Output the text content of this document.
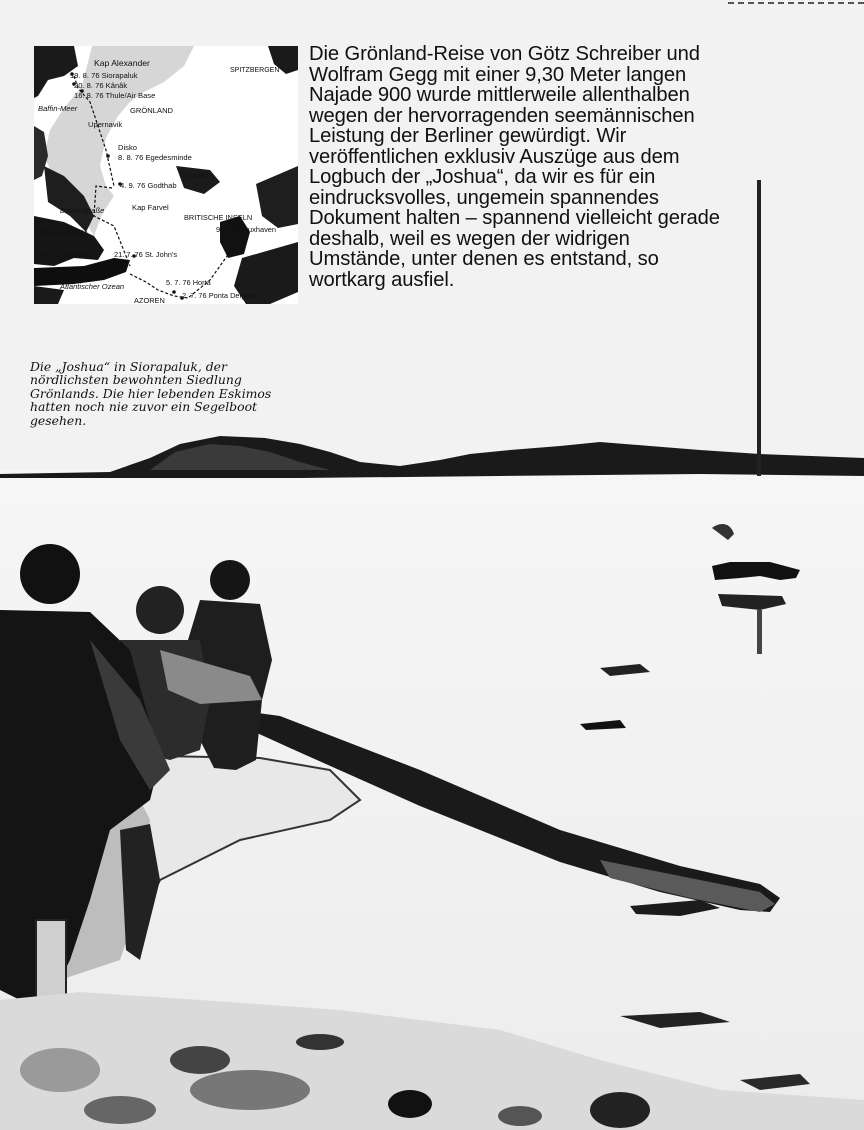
Kap Alexander
SPITZBERGEN
19. 8. 76 Siorapaluk
20. 8. 76 Kânâk
16. 8. 76 Thule/Air Base
Baffin-Meer	GRÖNLAND
Upernavik
Disko
8. 8. 76 Egedesminde
ISLAND
4. 9. 76 Godthab
Davis-Straße	Kap Farvel
BRITISCHE INSELN
9. 7. 76 Cuxhaven
NORDAMERIKA
NEUFUNDLAND	21. 7. 76 St. John's
Atlantischer Ozean	5. 7. 76 Horta
AZOREN
2. 7. 76 Ponta Delgada

Die Grönland-Reise von Götz Schreiber und Wolfram Gegg mit einer 9,30 Meter langen Najade 900 wurde mittlerweile allenthalben wegen der hervorragenden seemännischen Leistung der Berliner gewürdigt. Wir veröffentlichen exklusiv Auszüge aus dem Logbuch der „Joshua“, da wir es für ein eindrucksvolles, ungemein spannendes Dokument halten – spannend vielleicht gerade deshalb, weil es wegen der widrigen Umstände, unter denen es entstand, so wortkarg ausfiel.

Die „Joshua“ in Siorapaluk, der nördlichsten bewohnten Siedlung Grönlands. Die hier lebenden Eskimos hatten noch nie zuvor ein Segelboot gesehen.
